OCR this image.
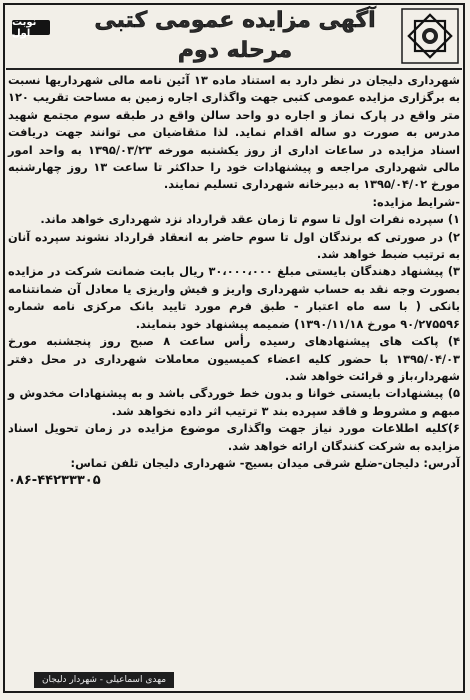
نوبت اول	آگهی مزایده عمومی کتبی
مرحله دوم

شهرداری دلیجان در نظر دارد به استناد ماده ۱۳ آئین نامه مالی شهرداریها نسبت به برگزاری مزایده عمومی کتبی جهت واگذاری اجاره زمین به مساحت تقریب ۱۲۰ متر واقع در پارک نماز و اجاره دو واحد سالن واقع در طبقه سوم مجتمع شهید مدرس به صورت دو ساله اقدام نماید. لذا متقاضیان می توانند جهت دریافت اسناد مزایده در ساعات اداری از روز یکشنبه مورخه ۱۳۹۵/۰۳/۲۳ به واحد امور مالی شهرداری مراجعه و پیشنهادات خود را حداکثر تا ساعت ۱۳ روز چهارشنبه مورخ ۱۳۹۵/۰۴/۰۲ به دبیرخانه شهرداری تسلیم نمایند.

-شرایط مزایده:

۱) سپرده نفرات اول تا سوم تا زمان عقد قرارداد نزد شهرداری خواهد ماند.

۲) در صورتی که برندگان اول تا سوم حاضر به انعقاد قرارداد نشوند سپرده آنان به ترتیب ضبط خواهد شد.

۳) پیشنهاد دهندگان بایستی مبلغ ۳۰،۰۰۰،۰۰۰ ریال بابت ضمانت شرکت در مزایده بصورت وجه نقد به حساب شهرداری واریز و فیش واریزی یا معادل آن ضمانتنامه بانکی ( با سه ماه اعتبار - طبق فرم مورد تایید بانک مرکزی نامه شماره ۹۰/۲۷۵۵۹۶ مورخ ۱۳۹۰/۱۱/۱۸) ضمیمه پیشنهاد خود بنمایند.

۴) پاکت های پیشنهادهای رسیده رأس ساعت ۸ صبح روز پنجشنبه مورخ ۱۳۹۵/۰۴/۰۳ با حضور کلیه اعضاء کمیسیون معاملات شهرداری در محل دفتر شهردار،باز و قرائت خواهد شد.

۵) پیشنهادات بایستی خوانا و بدون خط خوردگی باشد و به پیشنهادات مخدوش و مبهم و مشروط و فاقد سپرده بند ۳ ترتیب اثر داده نخواهد شد.

۶)کلیه اطلاعات مورد نیاز جهت واگذاری موضوع مزایده در زمان تحویل اسناد مزایده به شرکت کنندگان ارائه خواهد شد.

آدرس: دلیجان-ضلع شرقی میدان بسیج- شهرداری دلیجان تلفن تماس:

۰۸۶-۴۴۲۳۳۳۰۵

مهدی اسماعیلی - شهردار دلیجان
